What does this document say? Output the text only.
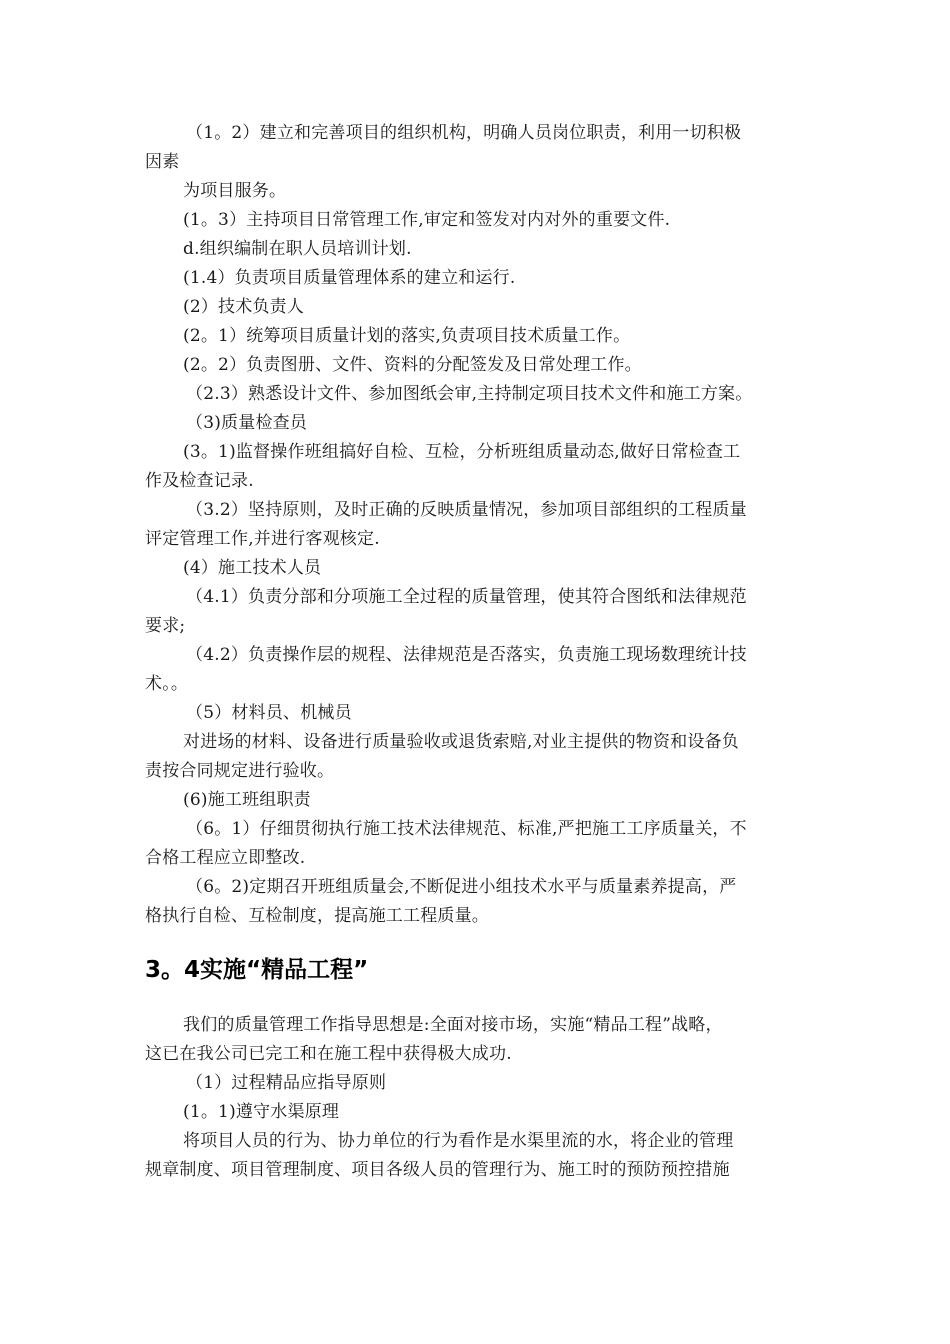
（1。2）建立和完善项目的组织机构，明确人员岗位职责，利用一切积极
因素
为项目服务。
(1。3）主持项目日常管理工作,审定和签发对内对外的重要文件.
d.组织编制在职人员培训计划.
(1.4）负责项目质量管理体系的建立和运行.
(2）技术负责人
(2。1）统筹项目质量计划的落实,负责项目技术质量工作。
(2。2）负责图册、文件、资料的分配签发及日常处理工作。
（2.3）熟悉设计文件、参加图纸会审,主持制定项目技术文件和施工方案。
（3)质量检查员
(3。1)监督操作班组搞好自检、互检，分析班组质量动态,做好日常检查工
作及检查记录.
（3.2）坚持原则，及时正确的反映质量情况，参加项目部组织的工程质量
评定管理工作,并进行客观核定.
(4）施工技术人员
（4.1）负责分部和分项施工全过程的质量管理，使其符合图纸和法律规范
要求;
（4.2）负责操作层的规程、法律规范是否落实，负责施工现场数理统计技
术。。
（5）材料员、机械员
对进场的材料、设备进行质量验收或退货索赔,对业主提供的物资和设备负
责按合同规定进行验收。
(6)施工班组职责
（6。1）仔细贯彻执行施工技术法律规范、标准,严把施工工序质量关，不
合格工程应立即整改.
（6。2)定期召开班组质量会,不断促进小组技术水平与质量素养提高，严
格执行自检、互检制度，提高施工工程质量。
3。4实施“精品工程”
我们的质量管理工作指导思想是:全面对接市场，实施“精品工程”战略，
这已在我公司已完工和在施工程中获得极大成功.
（1）过程精品应指导原则
(1。1)遵守水渠原理
将项目人员的行为、协力单位的行为看作是水渠里流的水，将企业的管理
规章制度、项目管理制度、项目各级人员的管理行为、施工时的预防预控措施
